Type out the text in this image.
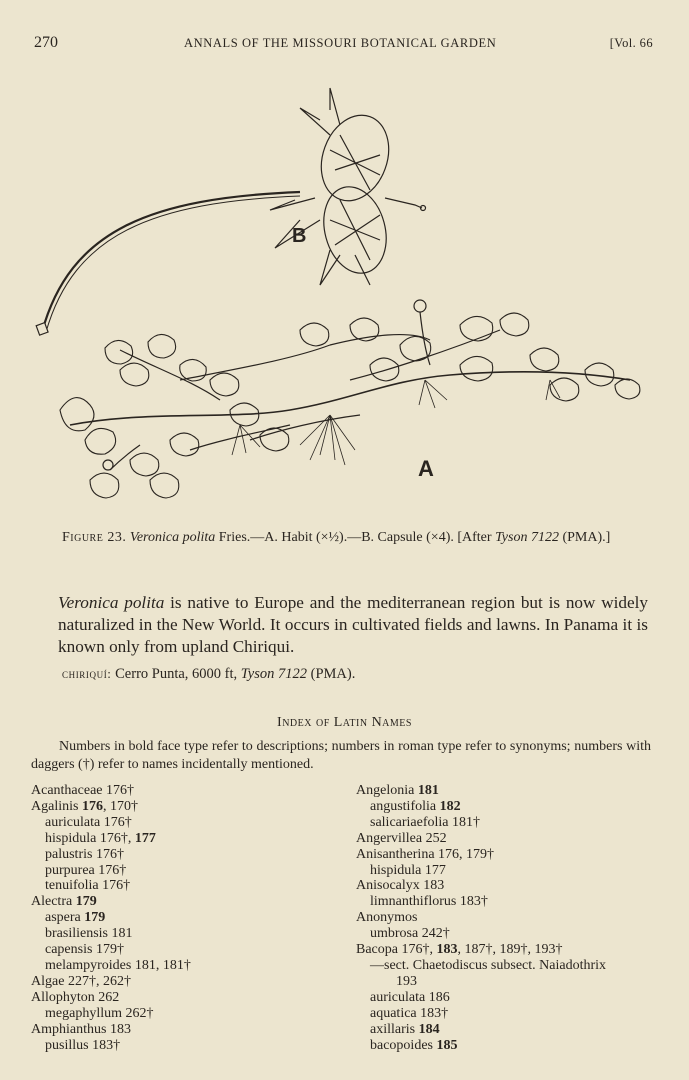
270	ANNALS OF THE MISSOURI BOTANICAL GARDEN	[Vol. 66
B
A
Figure 23. Veronica polita Fries.—A. Habit (×½).—B. Capsule (×4). [After Tyson 7122 (PMA).]
Veronica polita is native to Europe and the mediterranean region but is now widely naturalized in the New World. It occurs in cultivated fields and lawns. In Panama it is known only from upland Chiriqui.
chiriquí: Cerro Punta, 6000 ft, Tyson 7122 (PMA).
Index of Latin Names
Numbers in bold face type refer to descriptions; numbers in roman type refer to synonyms; numbers with daggers (†) refer to names incidentally mentioned.
Acanthaceae 176†
Agalinis 176, 170†
auriculata 176†
hispidula 176†, 177
palustris 176†
purpurea 176†
tenuifolia 176†
Alectra 179
aspera 179
brasiliensis 181
capensis 179†
melampyroides 181, 181†
Algae 227†, 262†
Allophyton 262
megaphyllum 262†
Amphianthus 183
pusillus 183†
Angelonia 181
angustifolia 182
salicariaefolia 181†
Angervillea 252
Anisantherina 176, 179†
hispidula 177
Anisocalyx 183
limnanthiflorus 183†
Anonymos
umbrosa 242†
Bacopa 176†, 183, 187†, 189†, 193†
—sect. Chaetodiscus subsect. Naiadothrix
193
auriculata 186
aquatica 183†
axillaris 184
bacopoides 185
